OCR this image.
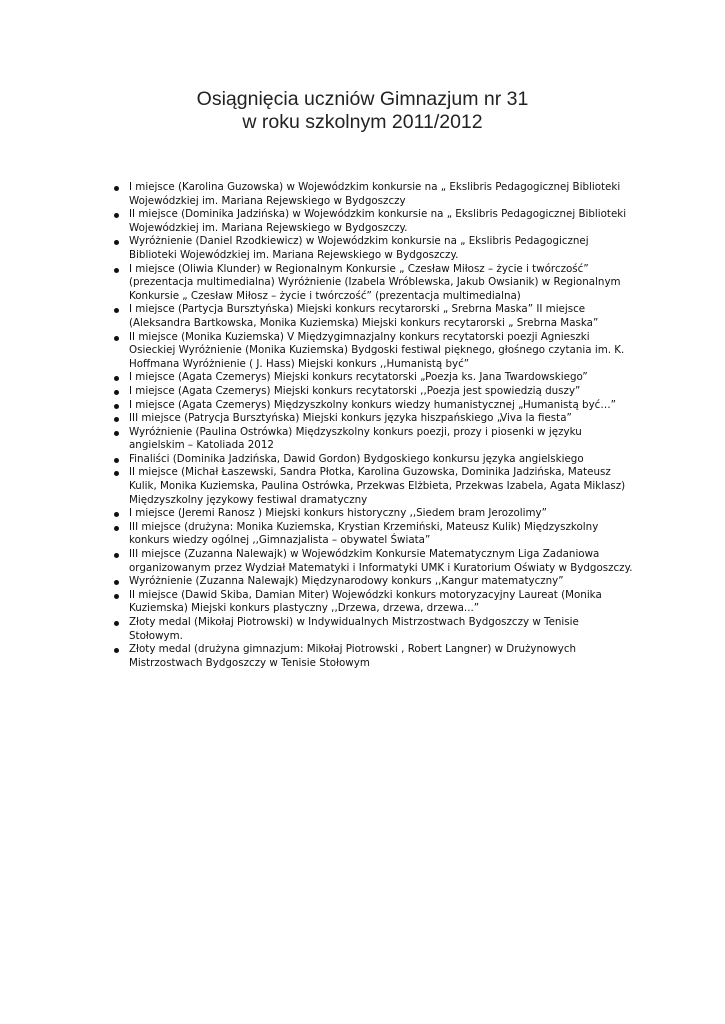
Osiągnięcia uczniów Gimnazjum nr 31
w roku szkolnym 2011/2012
I miejsce (Karolina Guzowska) w Wojewódzkim konkursie na „ Ekslibris Pedagogicznej Biblioteki Wojewódzkiej im. Mariana Rejewskiego w Bydgoszczy
II miejsce (Dominika Jadzińska) w Wojewódzkim konkursie na „ Ekslibris Pedagogicznej Biblioteki Wojewódzkiej im. Mariana Rejewskiego w Bydgoszczy.
Wyróżnienie (Daniel Rzodkiewicz) w Wojewódzkim konkursie na „ Ekslibris Pedagogicznej Biblioteki Wojewódzkiej im. Mariana Rejewskiego w Bydgoszczy.
I miejsce (Oliwia Klunder) w Regionalnym Konkursie „ Czesław Miłosz – życie i twórczość” (prezentacja multimedialna) Wyróżnienie (Izabela Wróblewska, Jakub Owsianik) w Regionalnym Konkursie „ Czesław Miłosz – życie i twórczość” (prezentacja multimedialna)
I miejsce (Partycja Bursztyńska) Miejski konkurs recytarorski „ Srebrna Maska” II miejsce (Aleksandra Bartkowska, Monika Kuziemska) Miejski konkurs recytarorski „ Srebrna Maska”
II miejsce (Monika Kuziemska) V Międzygimnazjalny konkurs recytatorski poezji Agnieszki Osieckiej Wyróżnienie (Monika Kuziemska) Bydgoski festiwal pięknego, głośnego czytania im. K. Hoffmana Wyróżnienie ( J. Hass) Miejski konkurs ,,Humanistą być”
I miejsce (Agata Czemerys) Miejski konkurs recytatorski „Poezja ks. Jana Twardowskiego”
I miejsce (Agata Czemerys) Miejski konkurs recytatorski ,,Poezja jest spowiedzią duszy”
I miejsce (Agata Czemerys) Międzyszkolny konkurs wiedzy humanistycznej „Humanistą być…”
III miejsce (Patrycja Bursztyńska) Miejski konkurs języka hiszpańskiego „Viva la fiesta”
Wyróżnienie (Paulina Ostrówka) Międzyszkolny konkurs poezji, prozy i piosenki w języku angielskim – Katoliada 2012
Finaliści (Dominika Jadzińska, Dawid Gordon) Bydgoskiego konkursu języka angielskiego
II miejsce (Michał Łaszewski, Sandra Płotka, Karolina Guzowska, Dominika Jadzińska, Mateusz Kulik, Monika Kuziemska, Paulina Ostrówka, Przekwas Elżbieta, Przekwas Izabela, Agata Miklasz) Międzyszkolny językowy festiwal dramatyczny
I miejsce (Jeremi Ranosz ) Miejski konkurs historyczny ,,Siedem bram Jerozolimy”
III miejsce (drużyna: Monika Kuziemska, Krystian Krzemiński, Mateusz Kulik) Międzyszkolny konkurs wiedzy ogólnej ,,Gimnazjalista – obywatel Świata”
III miejsce (Zuzanna Nalewajk) w Wojewódzkim Konkursie Matematycznym Liga Zadaniowa organizowanym przez Wydział Matematyki i Informatyki UMK i Kuratorium Oświaty w Bydgoszczy.
Wyróżnienie (Zuzanna Nalewajk) Międzynarodowy konkurs ,,Kangur matematyczny”
II miejsce (Dawid Skiba, Damian Miter) Wojewódzki konkurs motoryzacyjny Laureat (Monika Kuziemska) Miejski konkurs plastyczny ,,Drzewa, drzewa, drzewa...”
Złoty medal (Mikołaj Piotrowski) w Indywidualnych Mistrzostwach Bydgoszczy w Tenisie Stołowym.
Złoty medal (drużyna gimnazjum: Mikołaj Piotrowski , Robert Langner) w Drużynowych Mistrzostwach Bydgoszczy w Tenisie Stołowym
